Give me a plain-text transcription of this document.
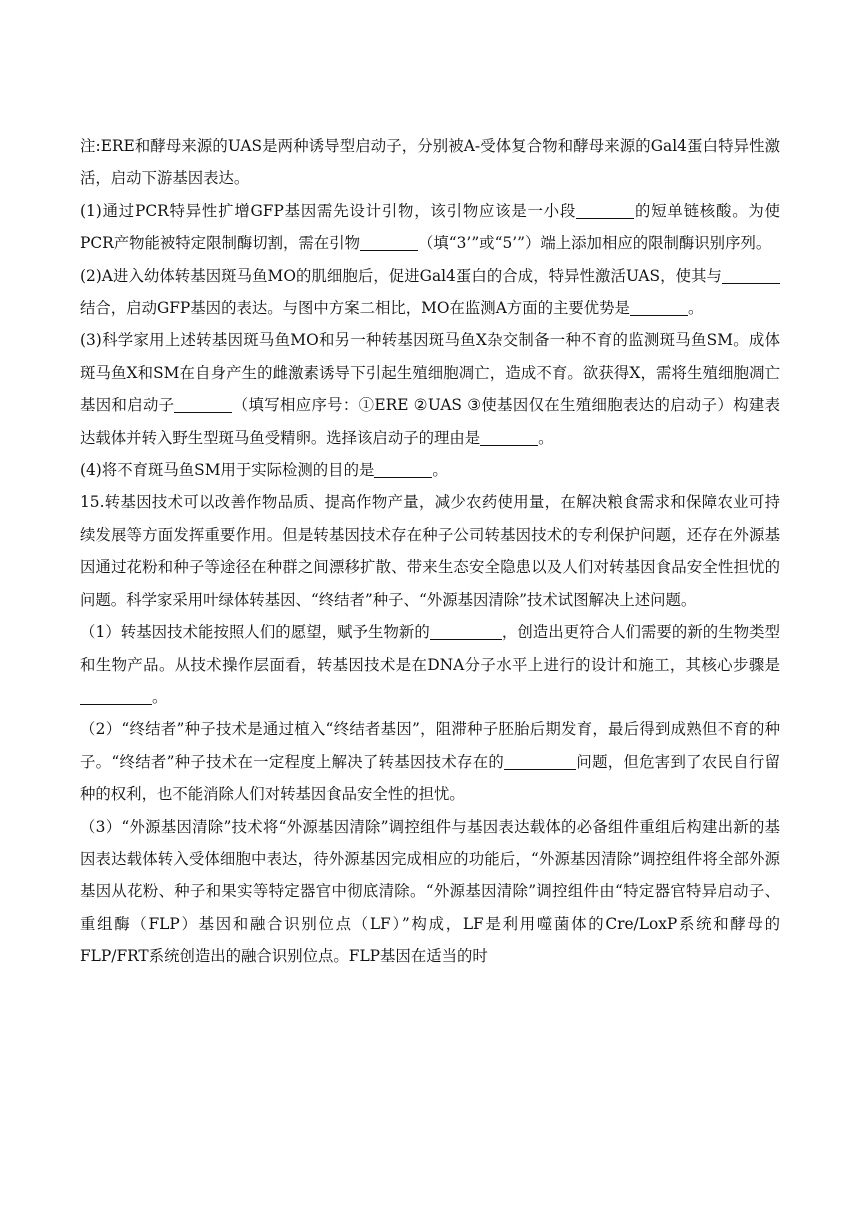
注:ERE和酵母来源的UAS是两种诱导型启动子，分别被A-受体复合物和酵母来源的Gal4蛋白特异性激活，启动下游基因表达。

(1)通过PCR特异性扩增GFP基因需先设计引物，该引物应该是一小段	的短单链核酸。为使PCR产物能被特定限制酶切割，需在引物	（填“3’”或“5’”）端上添加相应的限制酶识别序列。

(2)A进入幼体转基因斑马鱼MO的肌细胞后，促进Gal4蛋白的合成，特异性激活UAS，使其与结合，启动GFP基因的表达。与图中方案二相比，MO在监测A方面的主要优势是	。

(3)科学家用上述转基因斑马鱼MO和另一种转基因斑马鱼X杂交制备一种不育的监测斑马鱼SM。成体斑马鱼X和SM在自身产生的雌激素诱导下引起生殖细胞凋亡，造成不育。欲获得X，需将生殖细胞凋亡基因和启动子	（填写相应序号：①ERE ②UAS ③使基因仅在生殖细胞表达的启动子）构建表达载体并转入野生型斑马鱼受精卵。选择该启动子的理由是	。

(4)将不育斑马鱼SM用于实际检测的目的是	。

15.转基因技术可以改善作物品质、提高作物产量，减少农药使用量，在解决粮食需求和保障农业可持续发展等方面发挥重要作用。但是转基因技术存在种子公司转基因技术的专利保护问题，还存在外源基因通过花粉和种子等途径在种群之间漂移扩散、带来生态安全隐患以及人们对转基因食品安全性担忧的问题。科学家采用叶绿体转基因、“终结者”种子、“外源基因清除”技术试图解决上述问题。

（1）转基因技术能按照人们的愿望，赋予生物新的	，创造出更符合人们需要的新的生物类型和生物产品。从技术操作层面看，转基因技术是在DNA分子水平上进行的设计和施工，其核心步骤是。

（2）“终结者”种子技术是通过植入“终结者基因”，阻滞种子胚胎后期发育，最后得到成熟但不育的种子。“终结者”种子技术在一定程度上解决了转基因技术存在的	问题，但危害到了农民自行留种的权利，也不能消除人们对转基因食品安全性的担忧。

（3）“外源基因清除”技术将“外源基因清除”调控组件与基因表达载体的必备组件重组后构建出新的基因表达载体转入受体细胞中表达，待外源基因完成相应的功能后，“外源基因清除”调控组件将全部外源基因从花粉、种子和果实等特定器官中彻底清除。“外源基因清除”调控组件由“特定器官特异启动子、重组酶（FLP）基因和融合识别位点（LF）”构成，LF是利用噬菌体的Cre/LoxP系统和酵母的FLP/FRT系统创造出的融合识别位点。FLP基因在适当的时
